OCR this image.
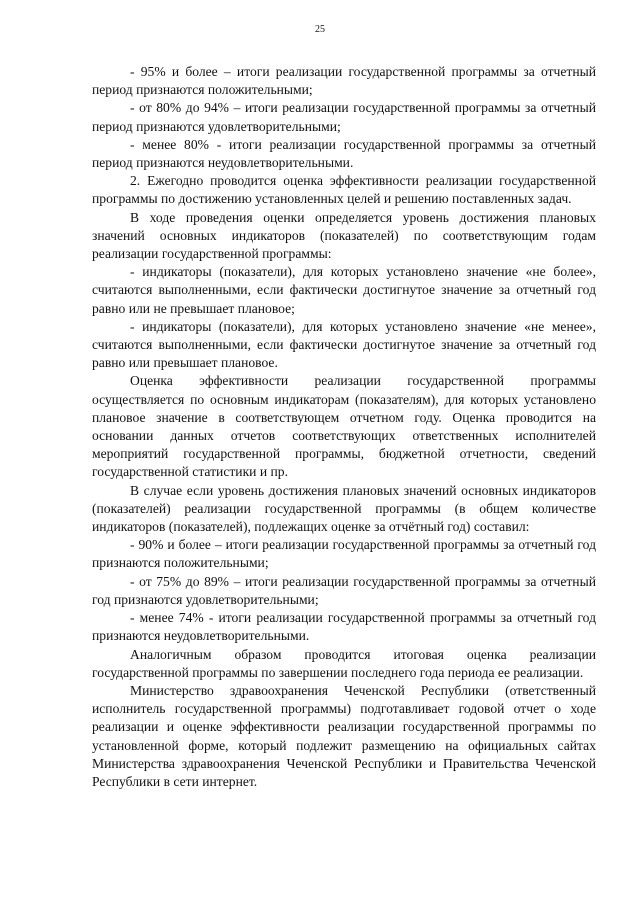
25

- 95% и более – итоги реализации государственной программы за отчетный период признаются положительными;

- от 80% до 94% – итоги реализации государственной программы за отчетный период признаются удовлетворительными;

- менее 80% - итоги реализации государственной программы за отчетный период признаются неудовлетворительными.

2. Ежегодно проводится оценка эффективности реализации государственной программы по достижению установленных целей и решению поставленных задач.

В ходе проведения оценки определяется уровень достижения плановых значений основных индикаторов (показателей) по соответствующим годам реализации государственной программы:

- индикаторы (показатели), для которых установлено значение «не более», считаются выполненными, если фактически достигнутое значение за отчетный год равно или не превышает плановое;

- индикаторы (показатели), для которых установлено значение «не менее», считаются выполненными, если фактически достигнутое значение за отчетный год равно или превышает плановое.

Оценка эффективности реализации государственной программы осуществляется по основным индикаторам (показателям), для которых установлено плановое значение в соответствующем отчетном году. Оценка проводится на основании данных отчетов соответствующих ответственных исполнителей мероприятий государственной программы, бюджетной отчетности, сведений государственной статистики и пр.

В случае если уровень достижения плановых значений основных индикаторов (показателей) реализации государственной программы (в общем количестве индикаторов (показателей), подлежащих оценке за отчётный год) составил:

- 90% и более – итоги реализации государственной программы за отчетный год признаются положительными;

- от 75% до 89% – итоги реализации государственной программы за отчетный год признаются удовлетворительными;

- менее 74% - итоги реализации государственной программы за отчетный год признаются неудовлетворительными.

Аналогичным образом проводится итоговая оценка реализации государственной программы по завершении последнего года периода ее реализации.

Министерство здравоохранения Чеченской Республики (ответственный исполнитель государственной программы) подготавливает годовой отчет о ходе реализации и оценке эффективности реализации государственной программы по установленной форме, который подлежит размещению на официальных сайтах Министерства здравоохранения Чеченской Республики и Правительства Чеченской Республики в сети интернет.
